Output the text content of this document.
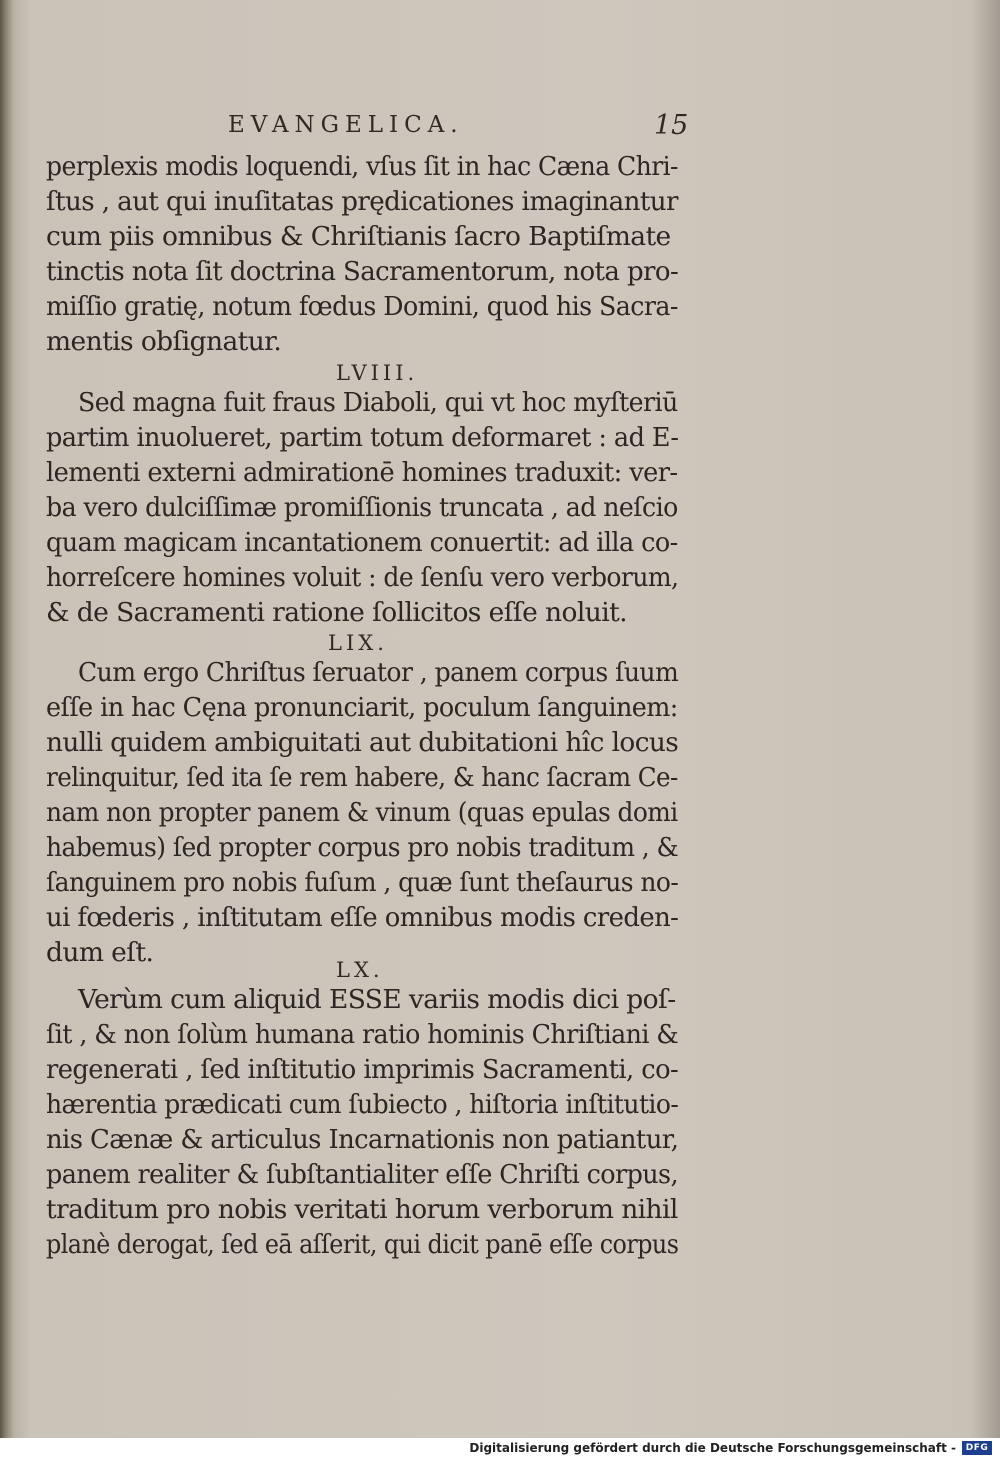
EVANGELICA.	15
perplexis modis loquendi, vſus ſit in hac Cæna Chri-
ſtus , aut qui inuſitatas prędicationes imaginantur
cum piis omnibus & Chriſtianis ſacro Baptiſmate
tinctis nota ſit doctrina Sacramentorum, nota pro-
miſſio gratię, notum fœdus Domini, quod his Sacra-
mentis obſignatur.
LVIII.
Sed magna fuit fraus Diaboli, qui vt hoc myſteriū
partim inuolueret, partim totum deformaret : ad E-
lementi externi admirationē homines traduxit: ver-
ba vero dulciſſimæ promiſſionis truncata , ad neſcio
quam magicam incantationem conuertit: ad illa co-
horreſcere homines voluit : de ſenſu vero verborum,
& de Sacramenti ratione ſollicitos eſſe noluit.
LIX.
Cum ergo Chriſtus ſeruator , panem corpus ſuum
eſſe in hac Cęna pronunciarit, poculum ſanguinem:
nulli quidem ambiguitati aut dubitationi hîc locus
relinquitur, ſed ita ſe rem habere, & hanc ſacram Ce-
nam non propter panem & vinum (quas epulas domi
habemus) ſed propter corpus pro nobis traditum , &
ſanguinem pro nobis fuſum , quæ ſunt theſaurus no-
ui fœderis , inſtitutam eſſe omnibus modis creden-
dum eſt.
LX.
Verùm cum aliquid ESSE variis modis dici poſ-
ſit , & non ſolùm humana ratio hominis Chriſtiani &
regenerati , ſed inſtitutio imprimis Sacramenti, co-
hærentia prædicati cum ſubiecto , hiſtoria inſtitutio-
nis Cænæ & articulus Incarnationis non patiantur,
panem realiter & ſubſtantialiter eſſe Chriſti corpus,
traditum pro nobis veritati horum verborum nihil
planè derogat, ſed eā aſſerit, qui dicit panē eſſe corpus
Digitalisierung gefördert durch die Deutsche Forschungsgemeinschaft -	DFG
